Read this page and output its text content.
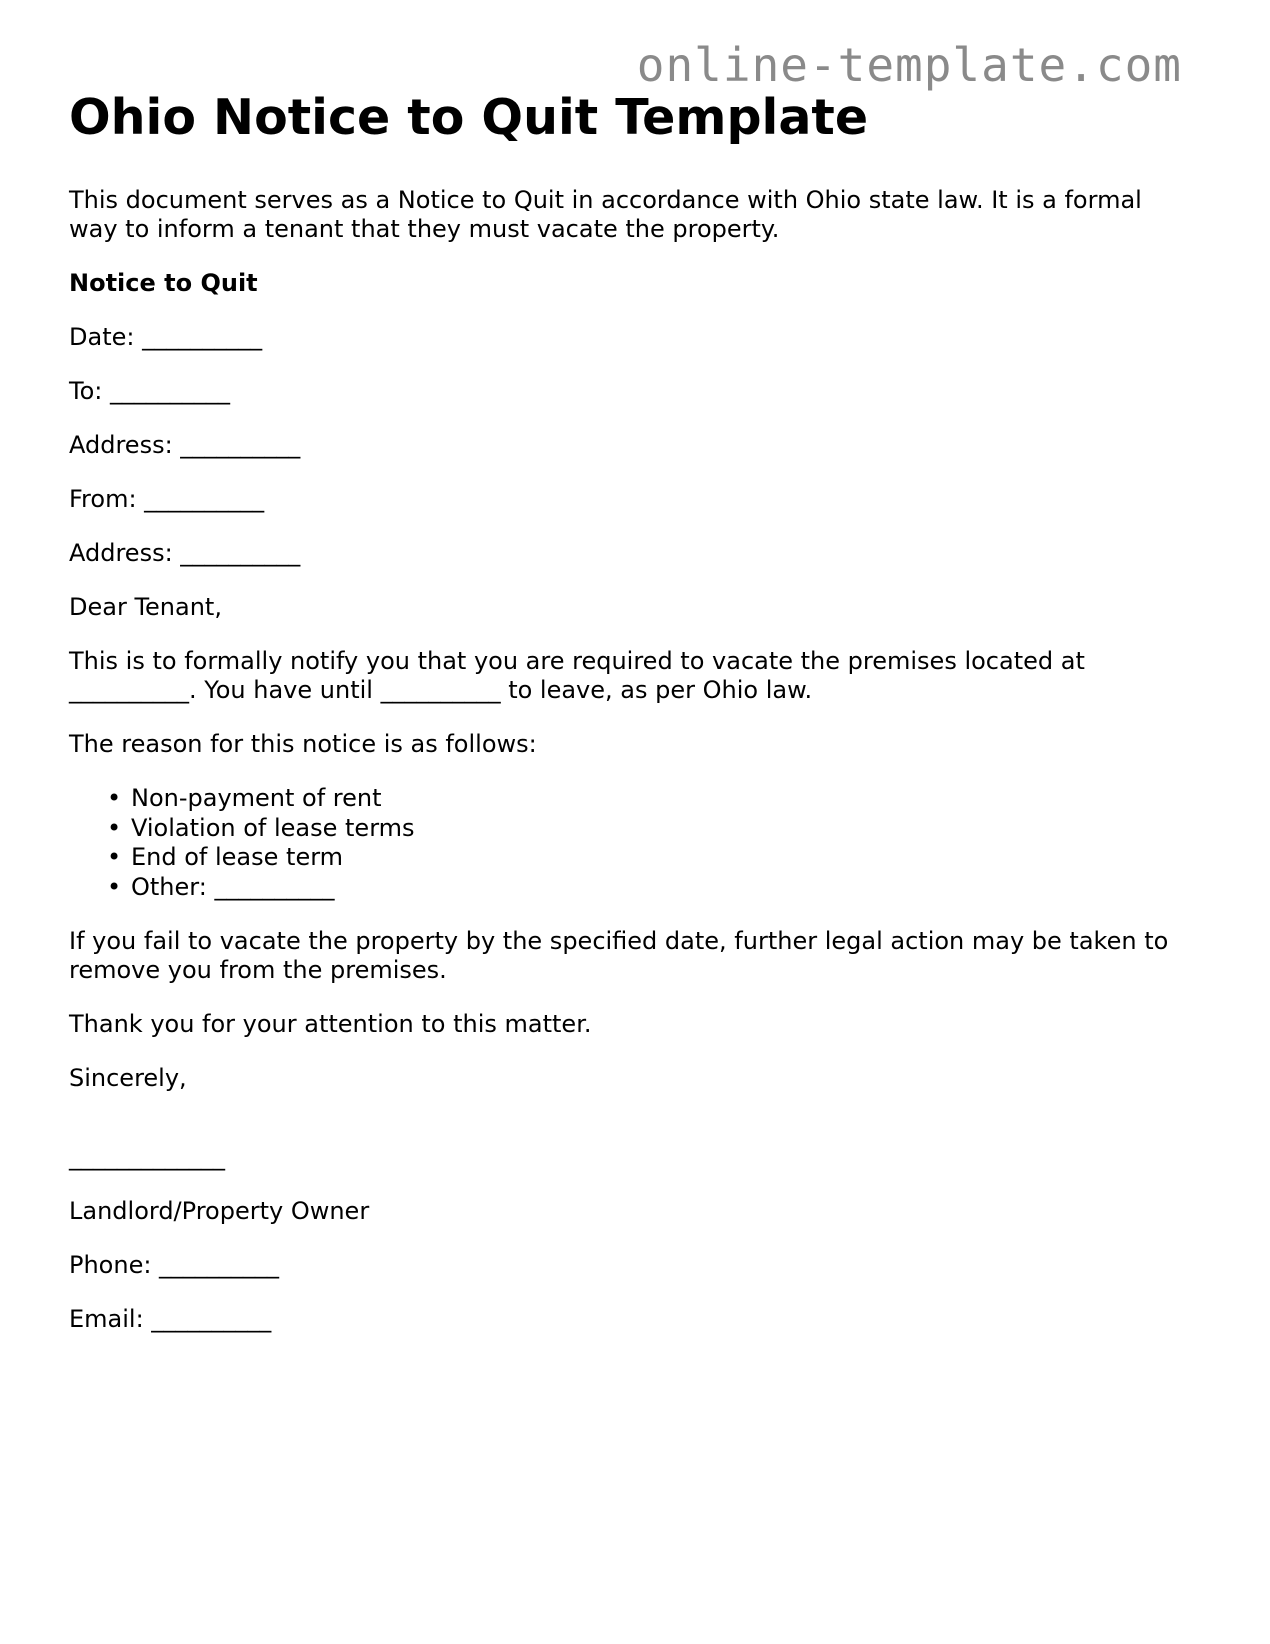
online-template.com
Ohio Notice to Quit Template

This document serves as a Notice to Quit in accordance with Ohio state law. It is a formal way to inform a tenant that they must vacate the property.

Notice to Quit

Date: __________
To: __________
Address: __________
From: __________
Address: __________

Dear Tenant,

This is to formally notify you that you are required to vacate the premises located at __________. You have until __________ to leave, as per Ohio law.

The reason for this notice is as follows:

• Non-payment of rent
• Violation of lease terms
• End of lease term
• Other: __________

If you fail to vacate the property by the specified date, further legal action may be taken to remove you from the premises.

Thank you for your attention to this matter.

Sincerely,

_____________

Landlord/Property Owner

Phone: __________
Email: __________
